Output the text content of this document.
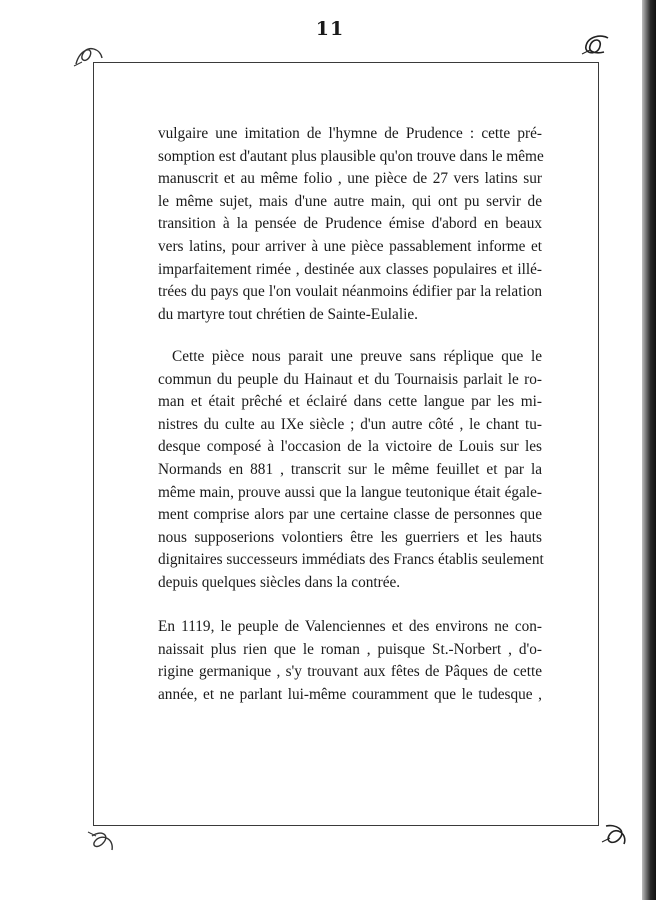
11
vulgaire une imitation de l'hymne de Prudence : cette pré-
somption est d'autant plus plausible qu'on trouve dans le même
manuscrit et au même folio , une pièce de 27 vers latins sur
le même sujet, mais d'une autre main, qui ont pu servir de
transition à la pensée de Prudence émise d'abord en beaux
vers latins, pour arriver à une pièce passablement informe et
imparfaitement rimée , destinée aux classes populaires et illé-
trées du pays que l'on voulait néanmoins édifier par la relation
du martyre tout chrétien de Sainte-Eulalie.
Cette pièce nous parait une preuve sans réplique que le
commun du peuple du Hainaut et du Tournaisis parlait le ro-
man et était prêché et éclairé dans cette langue par les mi-
nistres du culte au IXe siècle ; d'un autre côté , le chant tu-
desque composé à l'occasion de la victoire de Louis sur les
Normands en 881 , transcrit sur le même feuillet et par la
même main, prouve aussi que la langue teutonique était égale-
ment comprise alors par une certaine classe de personnes que
nous supposerions volontiers être les guerriers et les hauts
dignitaires successeurs immédiats des Francs établis seulement
depuis quelques siècles dans la contrée.
En 1119, le peuple de Valenciennes et des environs ne con-
naissait plus rien que le roman , puisque St.-Norbert , d'o-
rigine germanique , s'y trouvant aux fêtes de Pâques de cette
année, et ne parlant lui-même couramment que le tudesque ,
